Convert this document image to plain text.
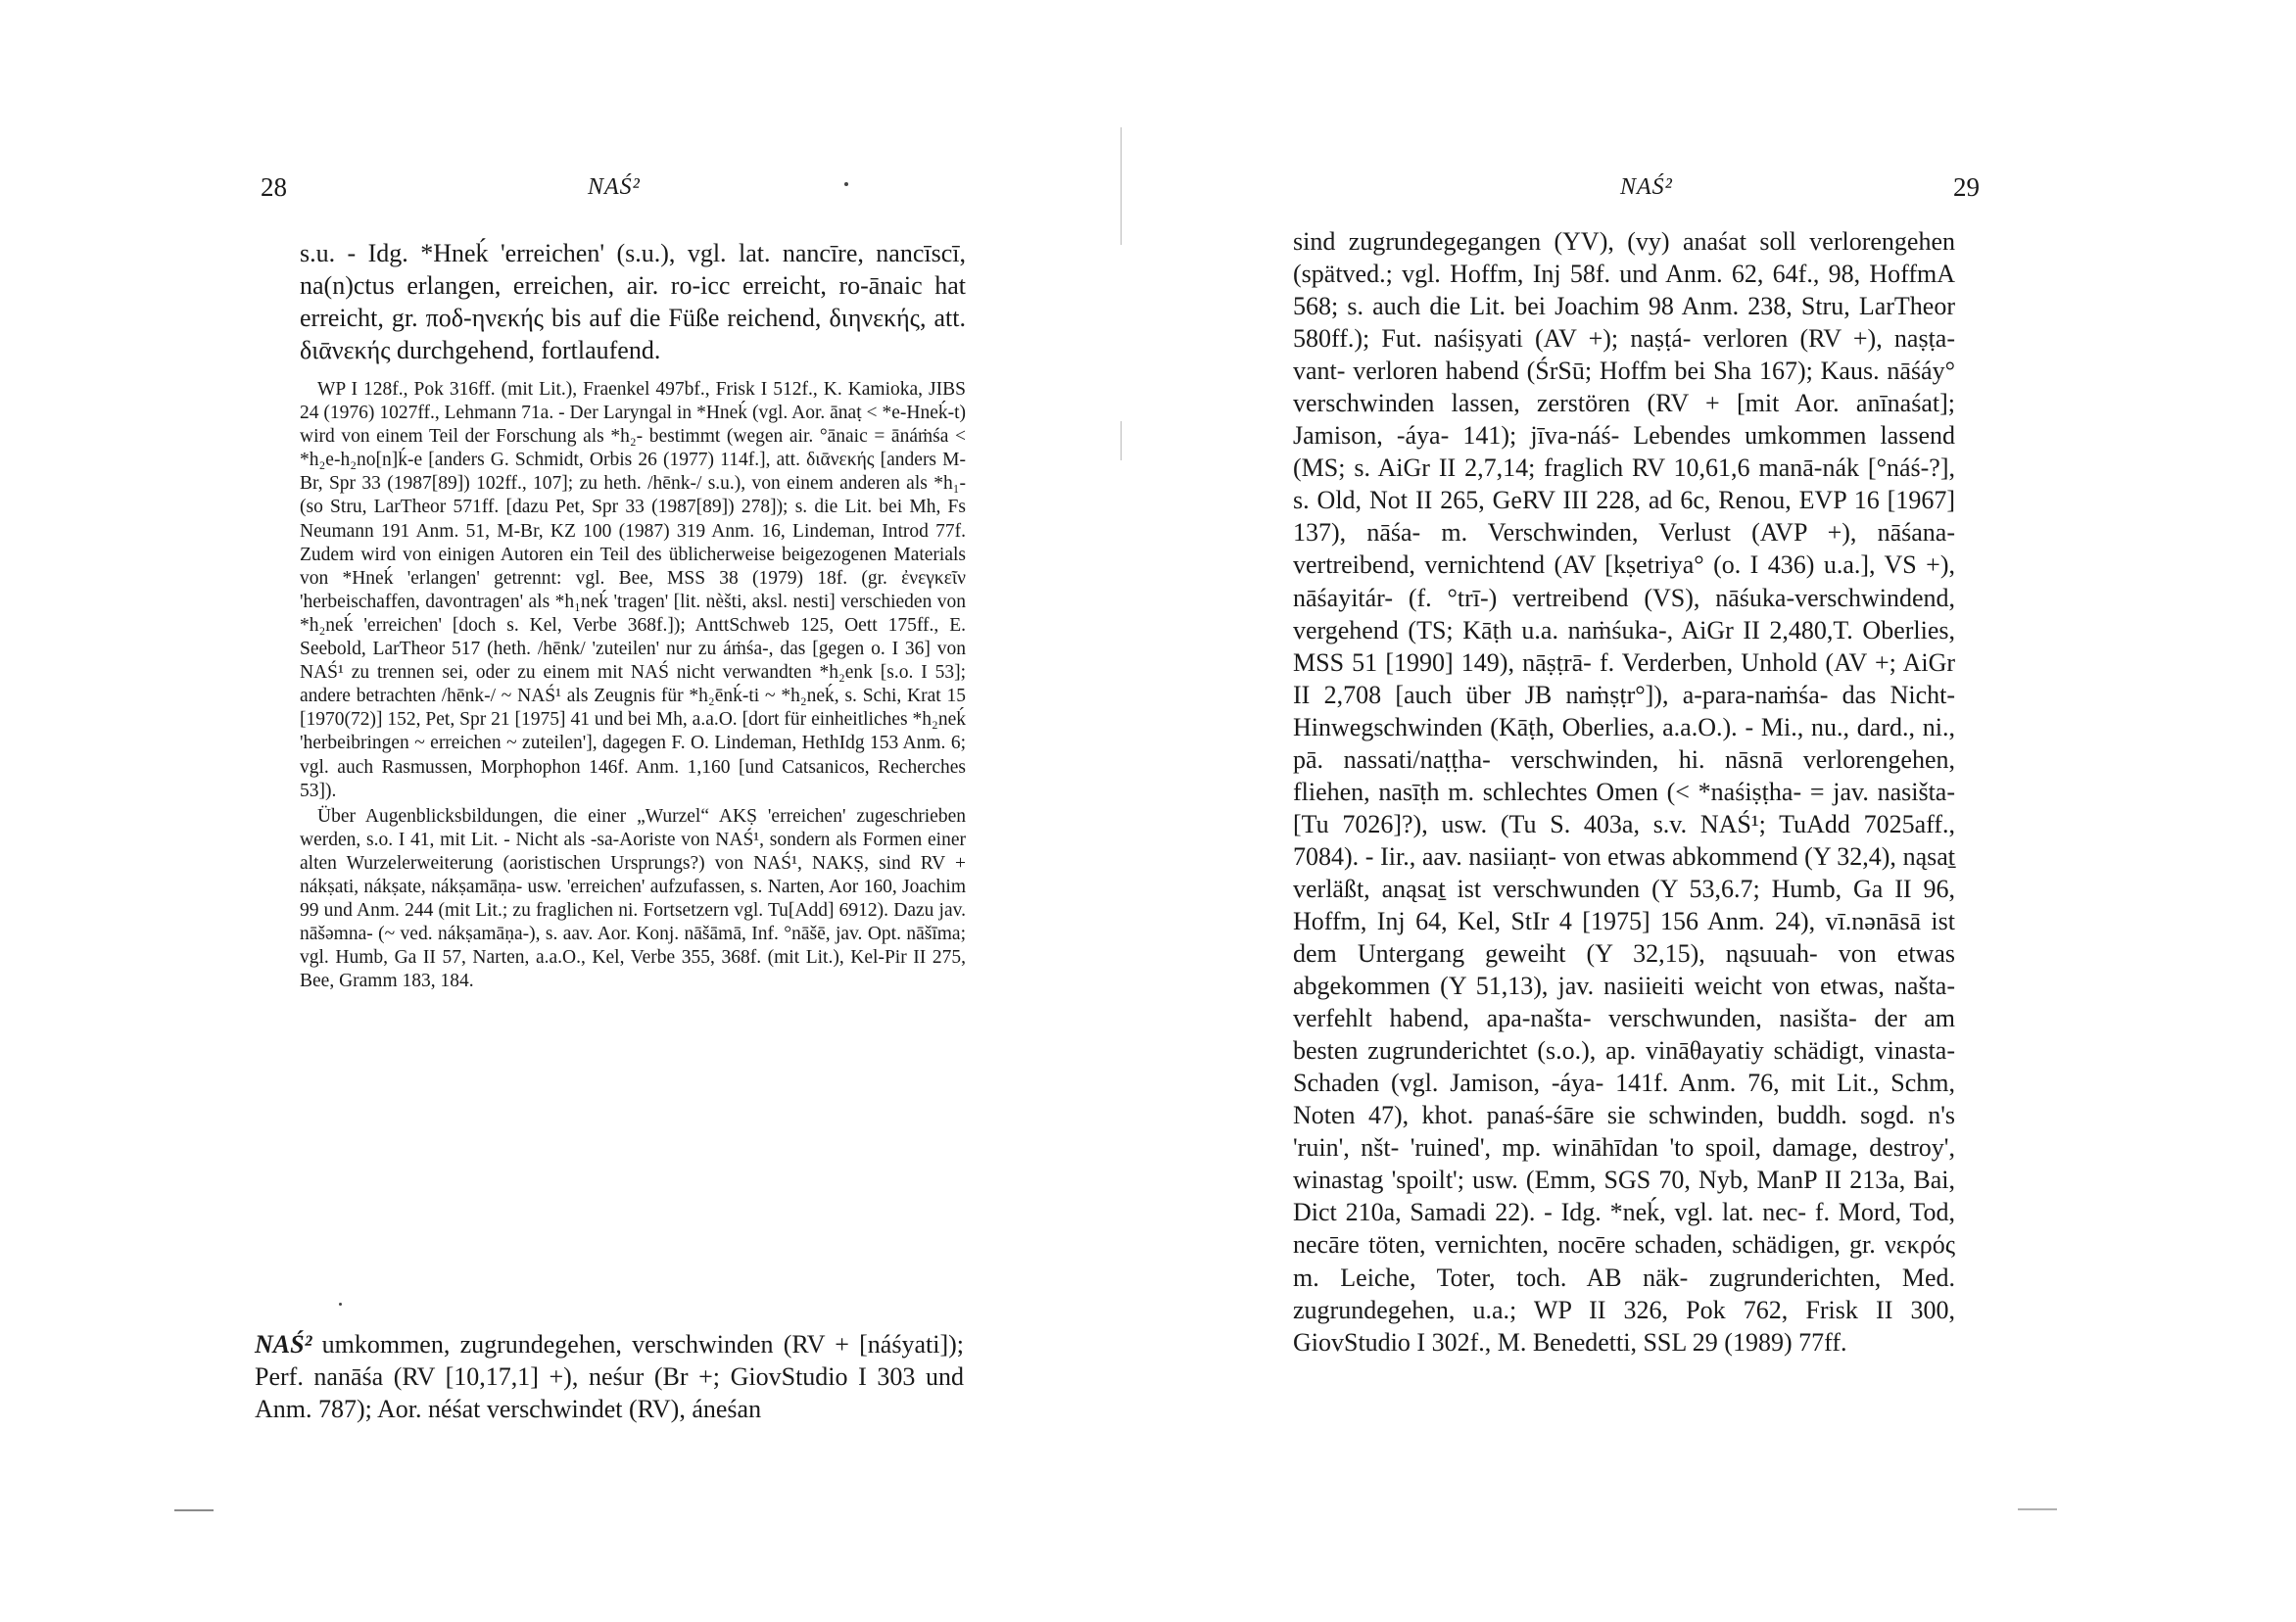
28	NAŚ²

s.u. - Idg. *Hneḱ 'erreichen' (s.u.), vgl. lat. nancīre, nancīscī, na(n)ctus erlangen, erreichen, air. ro-icc erreicht, ro-ānaic hat erreicht, gr. ποδ-ηνεκής bis auf die Füße reichend, διηνεκής, att. διᾱνεκής durchgehend, fortlaufend.

WP I 128f., Pok 316ff. (mit Lit.), Fraenkel 497bf., Frisk I 512f., K. Kamioka, JIBS 24 (1976) 1027ff., Lehmann 71a. - Der Laryngal in *Hneḱ (vgl. Aor. ānaṭ < *e-Hneḱ-t) wird von einem Teil der Forschung als *h₂- bestimmt (wegen air. °ānaic = ānáṁśa < *h₂e-h₂no[n]ḱ-e [anders G. Schmidt, Orbis 26 (1977) 114f.], att. διᾱνεκής [anders M-Br, Spr 33 (1987[89]) 102ff., 107]; zu heth. /hēnk-/ s.u.), von einem anderen als *h₁- (so Stru, LarTheor 571ff. [dazu Pet, Spr 33 (1987[89]) 278]); s. die Lit. bei Mh, Fs Neumann 191 Anm. 51, M-Br, KZ 100 (1987) 319 Anm. 16, Lindeman, Introd 77f. Zudem wird von einigen Autoren ein Teil des üblicherweise beigezogenen Materials von *Hneḱ 'erlangen' getrennt: vgl. Bee, MSS 38 (1979) 18f. (gr. ἐνεγκεῖν 'herbeischaffen, davontragen' als *h₁neḱ 'tragen' [lit. nèšti, aksl. nesti] verschieden von *h₂neḱ 'erreichen' [doch s. Kel, Verbe 368f.]); AnttSchweb 125, Oett 175ff., E. Seebold, LarTheor 517 (heth. /hēnk/ 'zuteilen' nur zu áṁśa-, das [gegen o. I 36] von NAŚ¹ zu trennen sei, oder zu einem mit NAŚ nicht verwandten *h₂enk [s.o. I 53]; andere betrachten /hēnk-/ ~ NAŚ¹ als Zeugnis für *h₂ēnḱ-ti ~ *h₂neḱ, s. Schi, Krat 15 [1970(72)] 152, Pet, Spr 21 [1975] 41 und bei Mh, a.a.O. [dort für einheitliches *h₂neḱ 'herbeibringen ~ erreichen ~ zuteilen'], dagegen F. O. Lindeman, HethIdg 153 Anm. 6; vgl. auch Rasmussen, Morphophon 146f. Anm. 1,160 [und Catsanicos, Recherches 53]).

Über Augenblicksbildungen, die einer „Wurzel“ AKṢ 'erreichen' zugeschrieben werden, s.o. I 41, mit Lit. - Nicht als -sa-Aoriste von NAŚ¹, sondern als Formen einer alten Wurzelerweiterung (aoristischen Ursprungs?) von NAŚ¹, NAKṢ, sind RV + nákṣati, nákṣate, nákṣamāṇa- usw. 'erreichen' aufzufassen, s. Narten, Aor 160, Joachim 99 und Anm. 244 (mit Lit.; zu fraglichen ni. Fortsetzern vgl. Tu[Add] 6912). Dazu jav. nāšəmna- (~ ved. nákṣamāṇa-), s. aav. Aor. Konj. nāšāmā, Inf. °nāšē, jav. Opt. nāšīma; vgl. Humb, Ga II 57, Narten, a.a.O., Kel, Verbe 355, 368f. (mit Lit.), Kel-Pir II 275, Bee, Gramm 183, 184.

NAŚ² umkommen, zugrundegehen, verschwinden (RV + [náśyati]); Perf. nanāśa (RV [10,17,1] +), neśur (Br +; GiovStudio I 303 und Anm. 787); Aor. néśat verschwindet (RV), áneśan

NAŚ²	29

sind zugrundegegangen (YV), (vy) anaśat soll verlorengehen (spätved.; vgl. Hoffm, Inj 58f. und Anm. 62, 64f., 98, HoffmA 568; s. auch die Lit. bei Joachim 98 Anm. 238, Stru, LarTheor 580ff.); Fut. naśiṣyati (AV +); naṣṭá- verloren (RV +), naṣṭa-vant- verloren habend (ŚrSū; Hoffm bei Sha 167); Kaus. nāśáy° verschwinden lassen, zerstören (RV + [mit Aor. anīnaśat]; Jamison, -áya- 141); jīva-náś- Lebendes umkommen lassend (MS; s. AiGr II 2,7,14; fraglich RV 10,61,6 manā-nák [°náś-?], s. Old, Not II 265, GeRV III 228, ad 6c, Renou, EVP 16 [1967] 137), nāśa- m. Verschwinden, Verlust (AVP +), nāśana- vertreibend, vernichtend (AV [kṣetriya° (o. I 436) u.a.], VS +), nāśayitár- (f. °trī-) vertreibend (VS), nāśuka-verschwindend, vergehend (TS; Kāṭh u.a. naṁśuka-, AiGr II 2,480,T. Oberlies, MSS 51 [1990] 149), nāṣṭrā- f. Verderben, Unhold (AV +; AiGr II 2,708 [auch über JB naṁṣṭr°]), a-para-naṁśa- das Nicht-Hinwegschwinden (Kāṭh, Oberlies, a.a.O.). - Mi., nu., dard., ni., pā. nassati/naṭṭha- verschwinden, hi. nāsnā verlorengehen, fliehen, nasīṭh m. schlechtes Omen (< *naśiṣṭha- = jav. nasišta- [Tu 7026]?), usw. (Tu S. 403a, s.v. NAŚ¹; TuAdd 7025aff., 7084). - Iir., aav. nasiiaṇt- von etwas abkommend (Y 32,4), nąsaṯ verläßt, anąsaṯ ist verschwunden (Y 53,6.7; Humb, Ga II 96, Hoffm, Inj 64, Kel, StIr 4 [1975] 156 Anm. 24), vī.nənāsā ist dem Untergang geweiht (Y 32,15), nąsuuah- von etwas abgekommen (Y 51,13), jav. nasiieiti weicht von etwas, našta- verfehlt habend, apa-našta- verschwunden, nasišta- der am besten zugrunderichtet (s.o.), ap. vināθayatiy schädigt, vinasta- Schaden (vgl. Jamison, -áya- 141f. Anm. 76, mit Lit., Schm, Noten 47), khot. panaś-śāre sie schwinden, buddh. sogd. n's 'ruin', nšt- 'ruined', mp. wināhīdan 'to spoil, damage, destroy', winastag 'spoilt'; usw. (Emm, SGS 70, Nyb, ManP II 213a, Bai, Dict 210a, Samadi 22). - Idg. *neḱ, vgl. lat. nec- f. Mord, Tod, necāre töten, vernichten, nocēre schaden, schädigen, gr. νεκρός m. Leiche, Toter, toch. AB näk- zugrunderichten, Med. zugrundegehen, u.a.; WP II 326, Pok 762, Frisk II 300, GiovStudio I 302f., M. Benedetti, SSL 29 (1989) 77ff.
